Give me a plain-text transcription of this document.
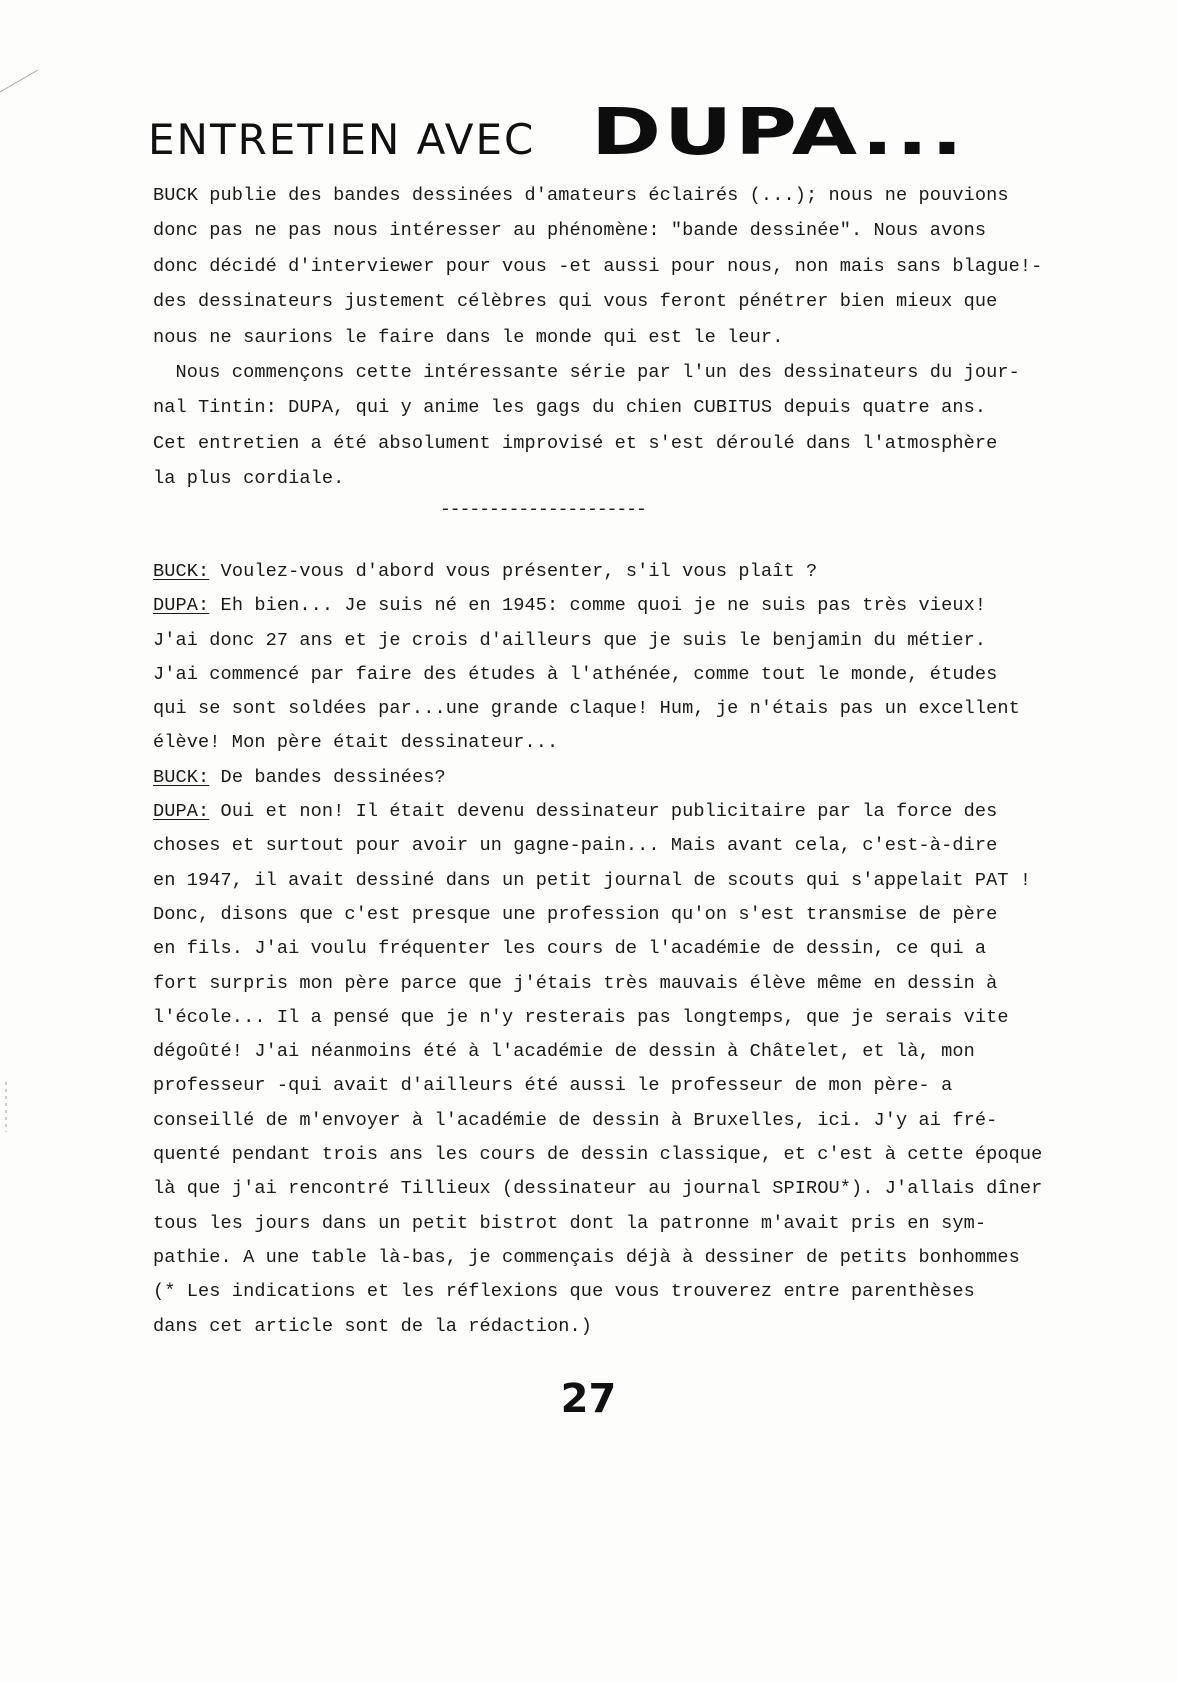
ENTRETIEN AVEC DUPA...
BUCK publie des bandes dessinées d'amateurs éclairés (...); nous ne pouvions
donc pas ne pas nous intéresser au phénomène: "bande dessinée". Nous avons
donc décidé d'interviewer pour vous -et aussi pour nous, non mais sans blague!-
des dessinateurs justement célèbres qui vous feront pénétrer bien mieux que
nous ne saurions le faire dans le monde qui est le leur.
Nous commençons cette intéressante série par l'un des dessinateurs du jour-
nal Tintin: DUPA, qui y anime les gags du chien CUBITUS depuis quatre ans.
Cet entretien a été absolument improvisé et s'est déroulé dans l'atmosphère
la plus cordiale.
---------------------
BUCK: Voulez-vous d'abord vous présenter, s'il vous plaît ?
DUPA: Eh bien... Je suis né en 1945: comme quoi je ne suis pas très vieux!
J'ai donc 27 ans et je crois d'ailleurs que je suis le benjamin du métier.
J'ai commencé par faire des études à l'athénée, comme tout le monde, études
qui se sont soldées par...une grande claque! Hum, je n'étais pas un excellent
élève! Mon père était dessinateur...
BUCK: De bandes dessinées?
DUPA: Oui et non! Il était devenu dessinateur publicitaire par la force des
choses et surtout pour avoir un gagne-pain... Mais avant cela, c'est-à-dire
en 1947, il avait dessiné dans un petit journal de scouts qui s'appelait PAT !
Donc, disons que c'est presque une profession qu'on s'est transmise de père
en fils. J'ai voulu fréquenter les cours de l'académie de dessin, ce qui a
fort surpris mon père parce que j'étais très mauvais élève même en dessin à
l'école... Il a pensé que je n'y resterais pas longtemps, que je serais vite
dégoûté! J'ai néanmoins été à l'académie de dessin à Châtelet, et là, mon
professeur -qui avait d'ailleurs été aussi le professeur de mon père- a
conseillé de m'envoyer à l'académie de dessin à Bruxelles, ici. J'y ai fré-
quenté pendant trois ans les cours de dessin classique, et c'est à cette époque
là que j'ai rencontré Tillieux (dessinateur au journal SPIROU*). J'allais dîner
tous les jours dans un petit bistrot dont la patronne m'avait pris en sym-
pathie. A une table là-bas, je commençais déjà à dessiner de petits bonhommes
(* Les indications et les réflexions que vous trouverez entre parenthèses
dans cet article sont de la rédaction.)
27
